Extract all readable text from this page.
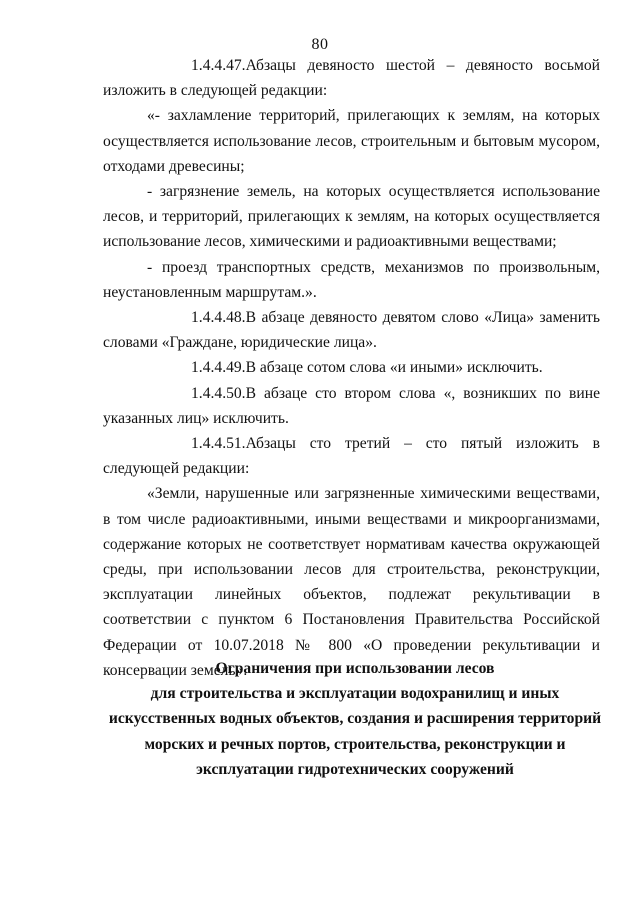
80

1.4.4.47.Абзацы девяносто шестой – девяносто восьмой изложить в следующей редакции:

«- захламление территорий, прилегающих к землям, на которых осуществляется использование лесов, строительным и бытовым мусором, отходами древесины;

- загрязнение земель, на которых осуществляется использование лесов, и территорий, прилегающих к землям, на которых осуществляется использование лесов, химическими и радиоактивными веществами;

- проезд транспортных средств, механизмов по произвольным, неустановленным маршрутам.».

1.4.4.48.В абзаце девяносто девятом слово «Лица» заменить словами «Граждане, юридические лица».

1.4.4.49.В абзаце сотом слова «и иными» исключить.

1.4.4.50.В абзаце сто втором слова «, возникших по вине указанных лиц» исключить.

1.4.4.51.Абзацы сто третий – сто пятый изложить в следующей редакции:

«Земли, нарушенные или загрязненные химическими веществами, в том числе радиоактивными, иными веществами и микроорганизмами, содержание которых не соответствует нормативам качества окружающей среды, при использовании лесов для строительства, реконструкции, эксплуатации линейных объектов, подлежат рекультивации в соответствии с пунктом 6 Постановления Правительства Российской Федерации от 10.07.2018 № 800 «О проведении рекультивации и консервации земель».

Ограничения при использовании лесов
для строительства и эксплуатации водохранилищ и иных
искусственных водных объектов, создания и расширения территорий
морских и речных портов, строительства, реконструкции и
эксплуатации гидротехнических сооружений
